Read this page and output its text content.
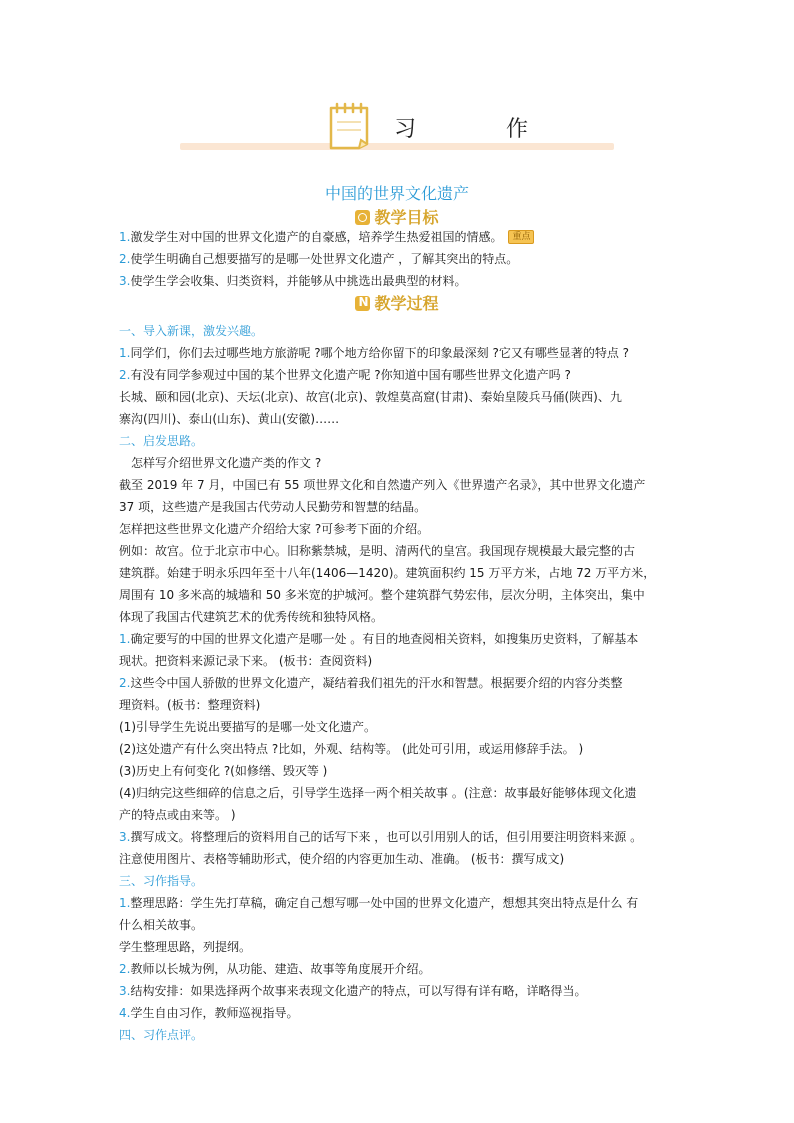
习　作
中国的世界文化遗产
教学目标

1.激发学生对中国的世界文化遗产的自豪感，培养学生热爱祖国的情感。 重点

2.使学生明确自己想要描写的是哪一处世界文化遗产 ，了解其突出的特点。

3.使学生学会收集、归类资料，并能够从中挑选出最典型的材料。

一、导入新课，激发兴趣。

1.同学们，你们去过哪些地方旅游呢 ?哪个地方给你留下的印象最深刻 ?它又有哪些显著的特点 ?

2.有没有同学参观过中国的某个世界文化遗产呢 ?你知道中国有哪些世界文化遗产吗 ?

长城、颐和园(北京)、天坛(北京)、故宫(北京)、敦煌莫高窟(甘肃)、秦始皇陵兵马俑(陕西)、九

寨沟(四川)、泰山(山东)、黄山(安徽)……

二、启发思路。

怎样写介绍世界文化遗产类的作文 ?

截至 2019 年 7 月，中国已有 55 项世界文化和自然遗产列入《世界遗产名录》，其中世界文化遗产

37 项，这些遗产是我国古代劳动人民勤劳和智慧的结晶。

怎样把这些世界文化遗产介绍给大家 ?可参考下面的介绍。

例如：故宫。位于北京市中心。旧称紫禁城，是明、清两代的皇宫。我国现存规模最大最完整的古

建筑群。始建于明永乐四年至十八年(1406—1420)。建筑面积约 15 万平方米，占地 72 万平方米，

周围有 10 多米高的城墙和 50 多米宽的护城河。整个建筑群气势宏伟，层次分明，主体突出，集中

体现了我国古代建筑艺术的优秀传统和独特风格。

1.确定要写的中国的世界文化遗产是哪一处 。有目的地查阅相关资料，如搜集历史资料，了解基本

现状。把资料来源记录下来。 (板书：查阅资料)

2.这些令中国人骄傲的世界文化遗产，凝结着我们祖先的汗水和智慧。根据要介绍的内容分类整

理资料。(板书：整理资料)

(1)引导学生先说出要描写的是哪一处文化遗产。

(2)这处遗产有什么突出特点 ?比如，外观、结构等。 (此处可引用，或运用修辞手法。 )

(3)历史上有何变化 ?(如修缮、毁灭等 )

(4)归纳完这些细碎的信息之后，引导学生选择一两个相关故事 。(注意：故事最好能够体现文化遗

产的特点或由来等。 )

3.撰写成文。将整理后的资料用自己的话写下来 ，也可以引用别人的话，但引用要注明资料来源 。

注意使用图片、表格等辅助形式，使介绍的内容更加生动、准确。 (板书：撰写成文)

三、习作指导。

1.整理思路：学生先打草稿，确定自己想写哪一处中国的世界文化遗产，想想其突出特点是什么 有

什么相关故事。

学生整理思路，列提纲。

2.教师以长城为例，从功能、建造、故事等角度展开介绍。

3.结构安排：如果选择两个故事来表现文化遗产的特点，可以写得有详有略，详略得当。

4.学生自由习作，教师巡视指导。

四、习作点评。

N教学过程
